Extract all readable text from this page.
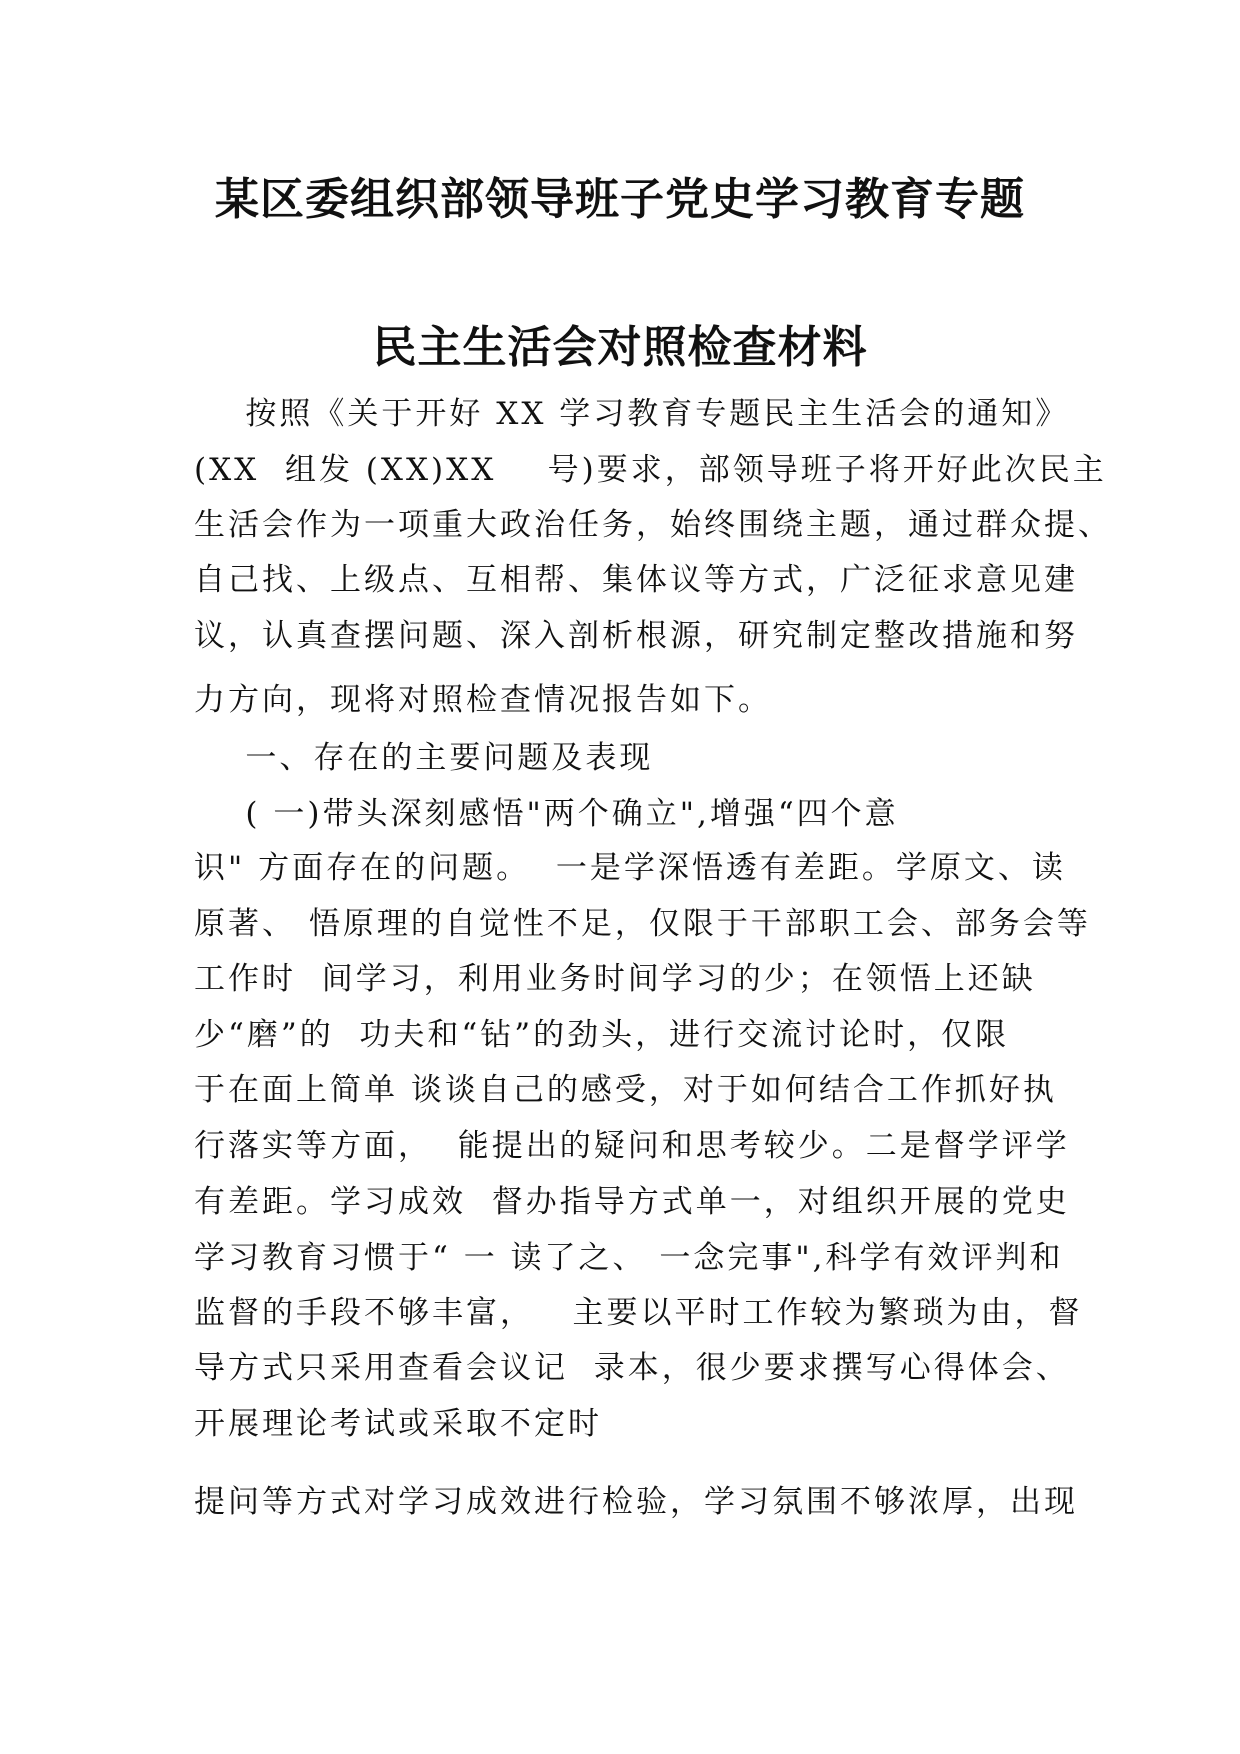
某区委组织部领导班子党史学习教育专题
民主生活会对照检查材料
按照《关于开好 XX 学习教育专题民主生活会的通知》
(XX  组发 (XX)XX    号)要求，部领导班子将开好此次民主
生活会作为一项重大政治任务，始终围绕主题，通过群众提、
自己找、上级点、互相帮、集体议等方式，广泛征求意见建
议，认真查摆问题、深入剖析根源，研究制定整改措施和努
力方向，现将对照检查情况报告如下。
一、存在的主要问题及表现
( 一)带头深刻感悟"两个确立",增强“四个意
识" 方面存在的问题。  一是学深悟透有差距。学原文、读
原著、 悟原理的自觉性不足，仅限于干部职工会、部务会等
工作时  间学习，利用业务时间学习的少；在领悟上还缺
少“磨”的  功夫和“钻”的劲头，进行交流讨论时，仅限
于在面上简单 谈谈自己的感受，对于如何结合工作抓好执
行落实等方面，  能提出的疑问和思考较少。二是督学评学
有差距。学习成效  督办指导方式单一，对组织开展的党史
学习教育习惯于“ 一 读了之、 一念完事",科学有效评判和
监督的手段不够丰富，   主要以平时工作较为繁琐为由，督
导方式只采用查看会议记  录本，很少要求撰写心得体会、
开展理论考试或采取不定时
提问等方式对学习成效进行检验，学习氛围不够浓厚，出现
